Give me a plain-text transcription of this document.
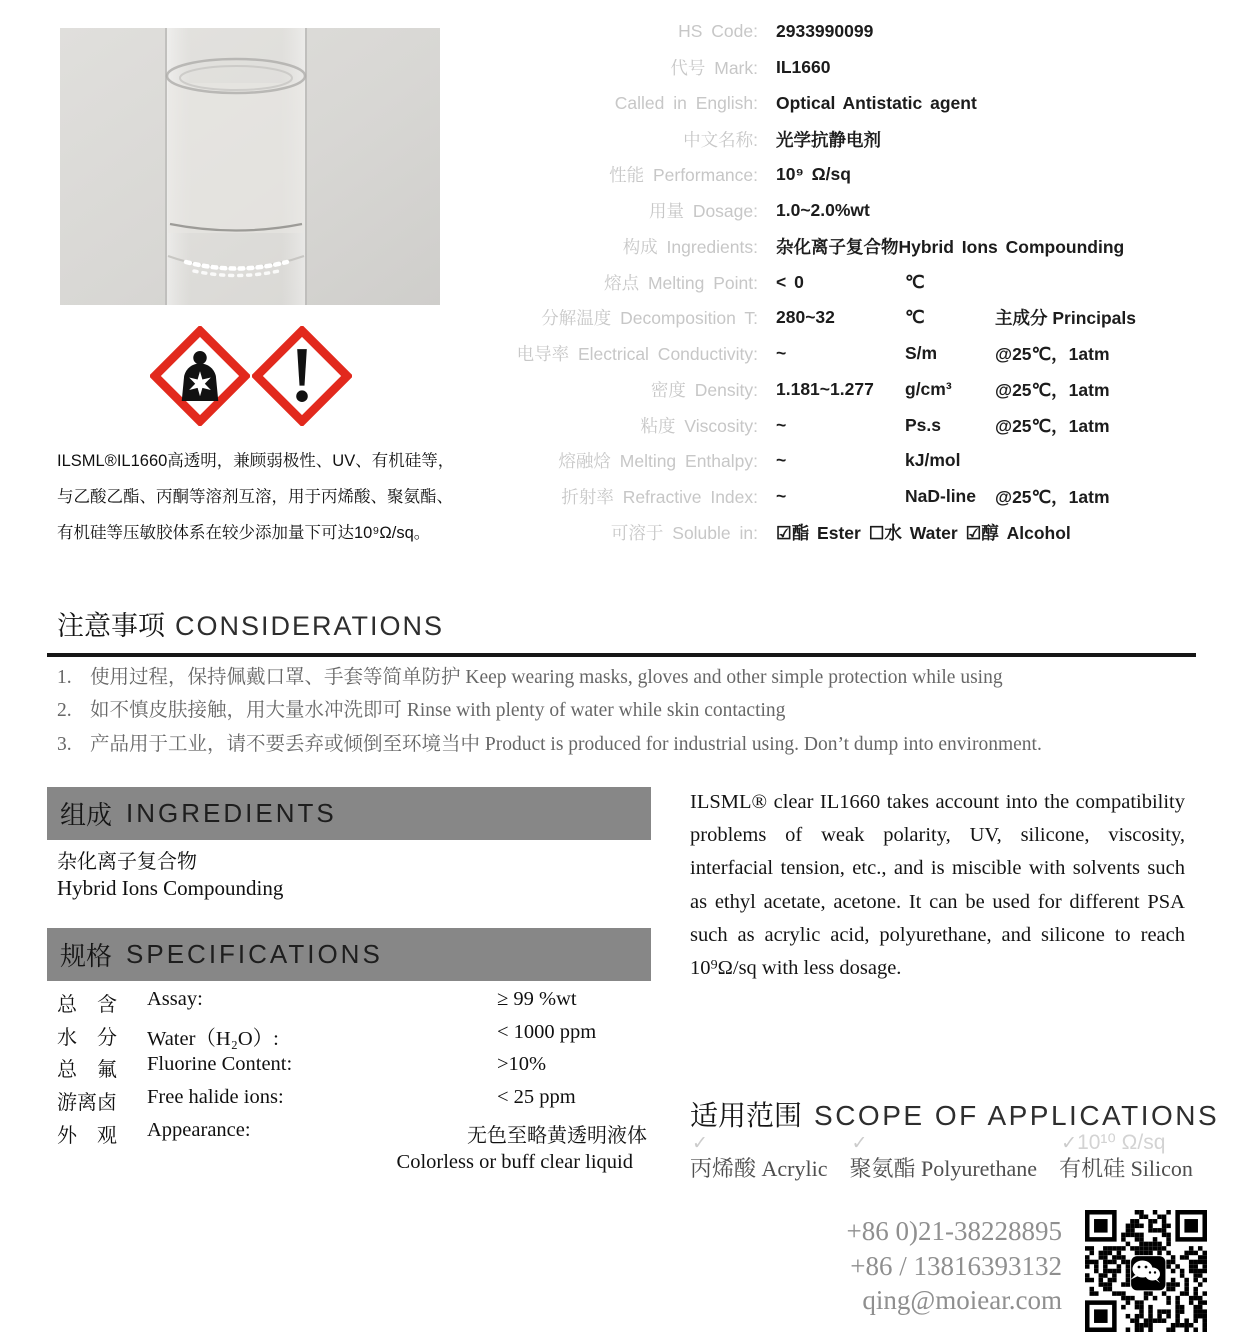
HS Code: 2933990099
代号 Mark: IL1660
Called in English: Optical Antistatic agent
中文名称: 光学抗静电剂
性能 Performance: 10⁹ Ω/sq
用量 Dosage: 1.0~2.0%wt
构成 Ingredients: 杂化离子复合物Hybrid Ions Compounding
熔点 Melting Point: < 0	℃
分解温度 Decomposition T: 280~32	℃	主成分 Principals
电导率 Electrical Conductivity: ~	S/m	@25℃，1atm
密度 Density: 1.181~1.277	g/cm³	@25℃，1atm
粘度 Viscosity: ~	Ps.s	@25℃，1atm
熔融焓 Melting Enthalpy: ~	kJ/mol
折射率 Refractive Index: ~	NaD-line	@25℃，1atm
可溶于 Soluble in: ☑酯 Ester ☐水 Water ☑醇 Alcohol
ILSML®IL1660高透明，兼顾弱极性、UV、有机硅等，与乙酸乙酯、丙酮等溶剂互溶，用于丙烯酸、聚氨酯、有机硅等压敏胶体系在较少添加量下可达10⁹Ω/sq。
注意事项 CONSIDERATIONS
1. 使用过程，保持佩戴口罩、手套等简单防护 Keep wearing masks, gloves and other simple protection while using
2. 如不慎皮肤接触，用大量水冲洗即可 Rinse with plenty of water while skin contacting
3. 产品用于工业，请不要丢弃或倾倒至环境当中 Product is produced for industrial using. Don’t dump into environment.
组成 INGREDIENTS
杂化离子复合物
Hybrid Ions Compounding
规格 SPECIFICATIONS
总　含 Assay:	≥ 99 %wt
水　分 Water（H₂O）:	< 1000 ppm
总　氟 Fluorine Content:	>10%
游离卤 Free halide ions:	< 25 ppm
外　观 Appearance:	无色至略黄透明液体
Colorless or buff clear liquid
ILSML® clear IL1660 takes account into the compatibility problems of weak polarity, UV, silicone, viscosity, interfacial tension, etc., and is miscible with solvents such as ethyl acetate, acetone. It can be used for different PSA such as acrylic acid, polyurethane, and silicone to reach 10⁹Ω/sq with less dosage.
适用范围 SCOPE OF APPLICATIONS
✓
丙烯酸 Acrylic
✓
聚氨酯 Polyurethane
✓ 10¹⁰ Ω/sq
有机硅 Silicon
+86 0)21-38228895
+86 / 13816393132
qing@moiear.com
